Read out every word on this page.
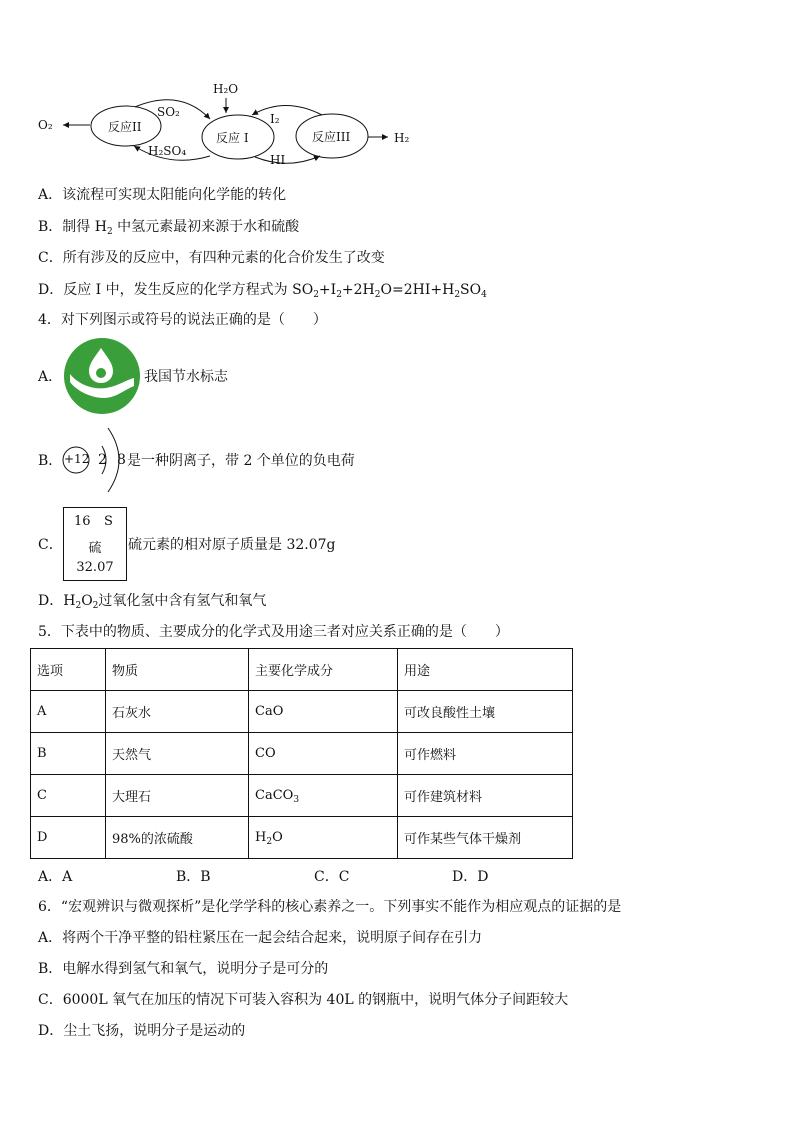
反应II
反应 I	反应III
O₂
H₂O
SO₂
H₂SO₄
I₂
HI
H₂
A．该流程可实现太阳能向化学能的转化
B．制得 $H_2$ 中氢元素最初来源于水和硫酸
C．所有涉及的反应中，有四种元素的化合价发生了改变
D．反应 I 中，发生反应的化学方程式为 $SO_2+I_2+2H_2O=2HI+H_2SO_4$
4．对下列图示或符号的说法正确的是（　　）
A．	我国节水标志
B． +12 2 8 是一种阴离子，带 2 个单位的负电荷
C．
16 S
硫
32.07
硫元素的相对原子质量是 32.07g
D．$H_2O_2$过氧化氢中含有氢气和氧气
5．下表中的物质、主要成分的化学式及用途三者对应关系正确的是（　　）
选项	物质	主要化学成分	用途
A	石灰水	CaO	可改良酸性土壤
B	天然气	CO	可作燃料
C	大理石	CaCO$_3$	可作建筑材料
D	98%的浓硫酸	$H_2O$	可作某些气体干燥剂
A．A	B．B	C．C	D．D
6．“宏观辨识与微观探析”是化学学科的核心素养之一。下列事实不能作为相应观点的证据的是
A．将两个干净平整的铅柱紧压在一起会结合起来，说明原子间存在引力
B．电解水得到氢气和氧气，说明分子是可分的
C．6000L 氧气在加压的情况下可装入容积为 40L 的钢瓶中，说明气体分子间距较大
D．尘土飞扬，说明分子是运动的
